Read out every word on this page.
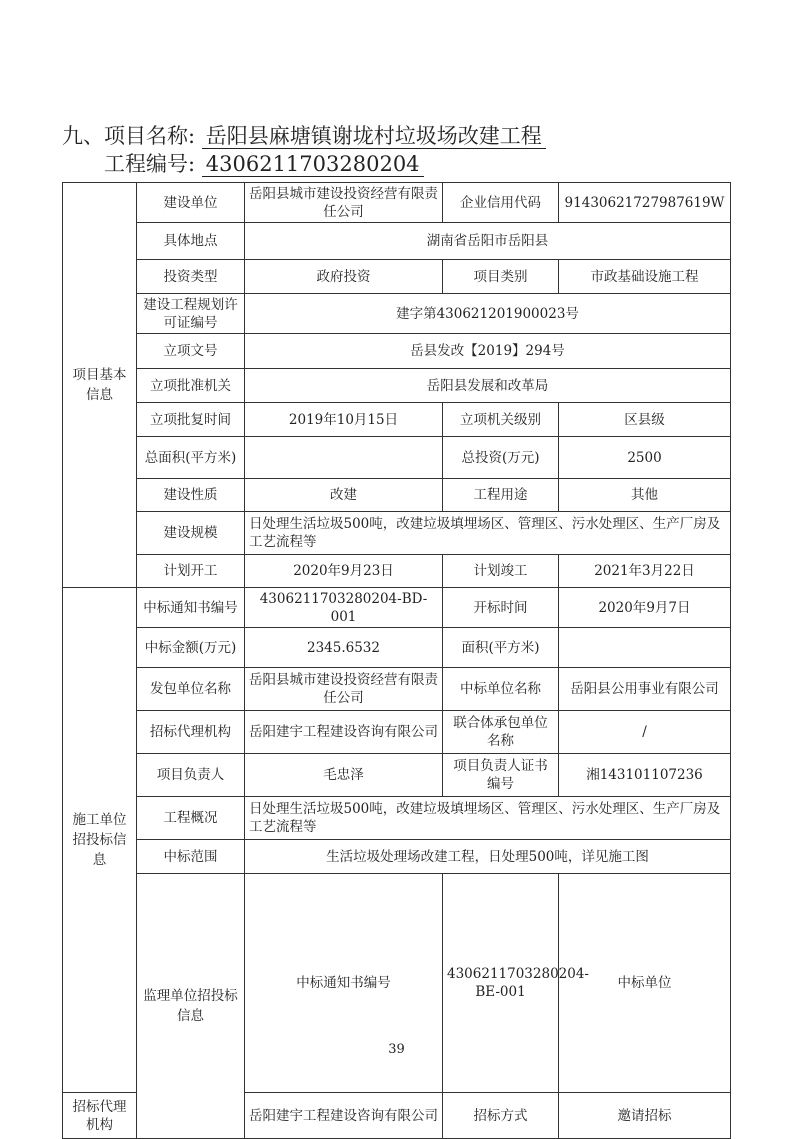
九、项目名称: 岳阳县麻塘镇谢垅村垃圾场改建工程
工程编号: 4306211703280204
项目基本信息	建设单位	岳阳县城市建设投资经营有限责任公司	企业信用代码	91430621727987619W	
	具体地点	湖南省岳阳市岳阳县			
	投资类型	政府投资	项目类别	市政基础设施工程	
	建设工程规划许可证编号	建字第430621201900023号			
	立项文号	岳县发改【2019】294号			
	立项批准机关	岳阳县发展和改革局			
	立项批复时间	2019年10月15日	立项机关级别	区县级	
	总面积(平方米)		总投资(万元)	2500	
	建设性质	改建	工程用途	其他	
	建设规模	日处理生活垃圾500吨，改建垃圾填埋场区、管理区、污水处理区、生产厂房及工艺流程等			
	计划开工	2020年9月23日	计划竣工	2021年3月22日	
施工单位招投标信息	中标通知书编号	4306211703280204-BD-001	开标时间	2020年9月7日	
	中标金额(万元)	2345.6532	面积(平方米)		
	发包单位名称	岳阳县城市建设投资经营有限责任公司	中标单位名称	岳阳县公用事业有限公司	
	招标代理机构	岳阳建宇工程建设咨询有限公司	联合体承包单位名称	/	
	项目负责人	毛忠泽	项目负责人证书编号	湘143101107236	
	工程概况	日处理生活垃圾500吨，改建垃圾填埋场区、管理区、污水处理区、生产厂房及工艺流程等			
	中标范围	生活垃圾处理场改建工程，日处理500吨，详见施工图			
	监理单位招投标信息	中标通知书编号	4306211703280204-BE-001	中标单位	
招标代理机构		岳阳建宇工程建设咨询有限公司	招标方式	邀请招标	
39
